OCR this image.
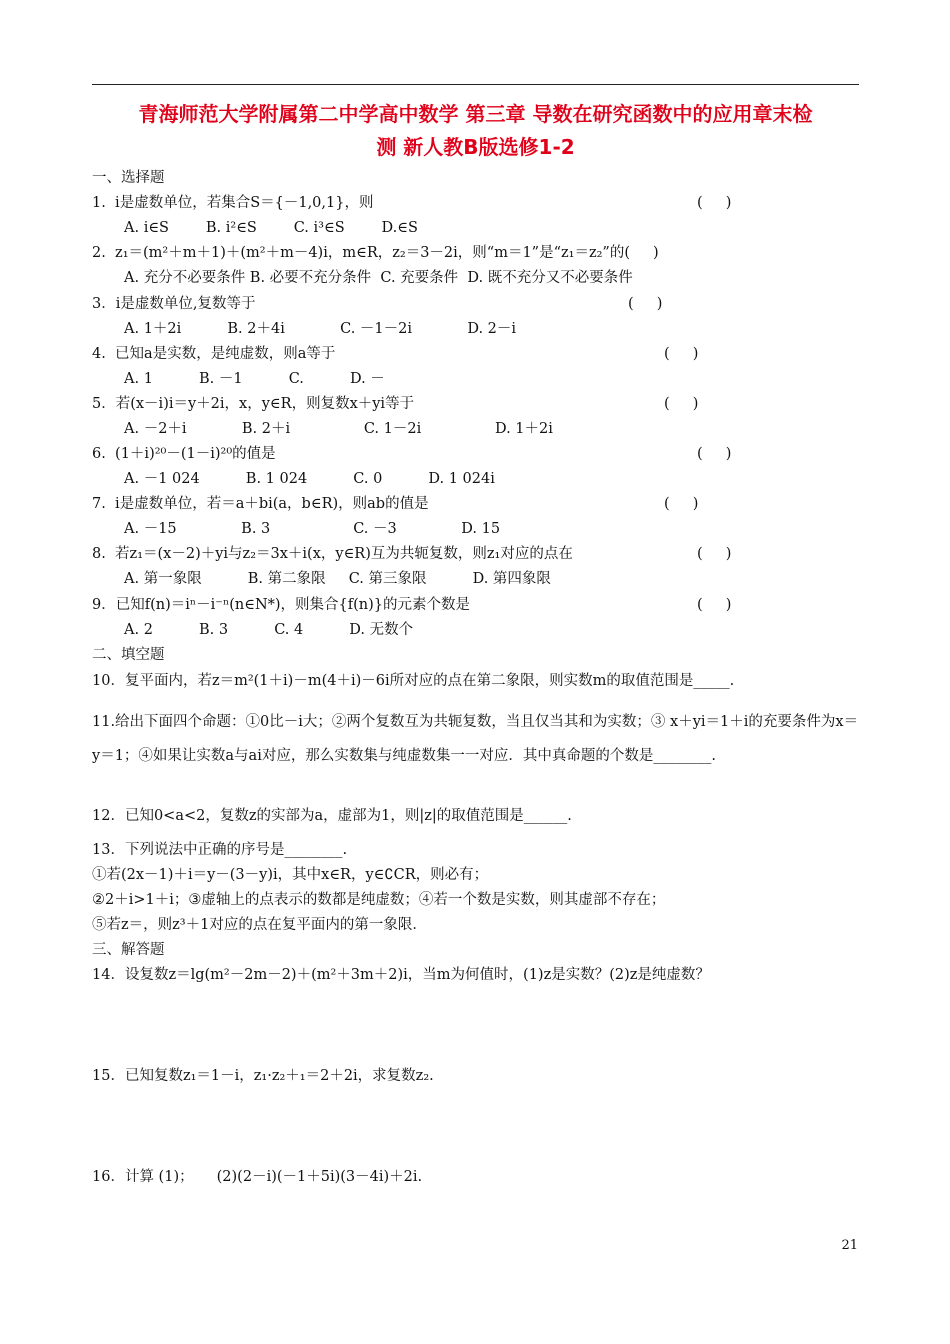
青海师范大学附属第二中学高中数学 第三章 导数在研究函数中的应用章末检
测 新人教B版选修1-2
一、选择题
1.  i是虚数单位，若集合S＝{－1,0,1}，则	(     )
A. i∈S        B. i²∈S        C. i³∈S        D.∈S
2.  z₁＝(m²＋m＋1)＋(m²＋m－4)i，m∈R，z₂＝3－2i，则“m＝1”是“z₁＝z₂”的(     )
A. 充分不必要条件 B. 必要不充分条件  C. 充要条件  D. 既不充分又不必要条件
3．i是虚数单位,复数等于	(     )
A. 1＋2i          B. 2＋4i            C. －1－2i            D. 2－i
4.  已知a是实数，是纯虚数，则a等于	(     )
A. 1          B. －1          C.          D. －
5．若(x－i)i＝y＋2i，x，y∈R，则复数x＋yi等于	(     )
A. －2＋i            B. 2＋i                C. 1－2i                D. 1＋2i
6.  (1＋i)²⁰－(1－i)²⁰的值是	(     )
A. －1 024          B. 1 024          C. 0          D. 1 024i
7.  i是虚数单位，若＝a＋bi(a，b∈R)，则ab的值是	(     )
A. －15              B. 3                  C. －3              D. 15
8.  若z₁＝(x－2)＋yi与z₂＝3x＋i(x，y∈R)互为共轭复数，则z₁对应的点在	(     )
A. 第一象限          B. 第二象限     C. 第三象限          D. 第四象限
9．已知f(n)＝iⁿ－i⁻ⁿ(n∈N*)，则集合{f(n)}的元素个数是	(     )
A. 2          B. 3          C. 4          D. 无数个
二、填空题
10．复平面内，若z＝m²(1＋i)－m(4＋i)－6i所对应的点在第二象限，则实数m的取值范围是_____.
11.给出下面四个命题：①0比－i大；②两个复数互为共轭复数，当且仅当其和为实数；③ x＋yi＝1＋i的充要条件为x＝y＝1；④如果让实数a与ai对应，那么实数集与纯虚数集一一对应．其中真命题的个数是________.
12．已知0<a<2，复数z的实部为a，虚部为1，则|z|的取值范围是______.
13．下列说法中正确的序号是________.
①若(2x－1)＋i＝y－(3－y)i，其中x∈R，y∈∁CR，则必有；
②2＋i>1＋i；③虚轴上的点表示的数都是纯虚数；④若一个数是实数，则其虚部不存在；
⑤若z＝，则z³＋1对应的点在复平面内的第一象限．
三、解答题
14．设复数z＝lg(m²－2m－2)＋(m²＋3m＋2)i，当m为何值时，(1)z是实数？(2)z是纯虚数？
15．已知复数z₁＝1－i，z₁·z₂＋₁＝2＋2i，求复数z₂.
16．计算 (1)；     (2)(2－i)(－1＋5i)(3－4i)＋2i.
21
